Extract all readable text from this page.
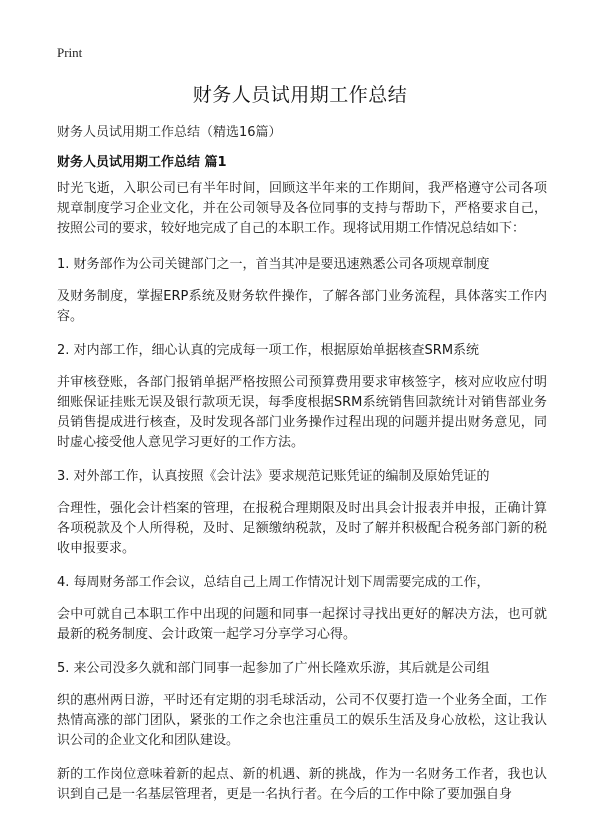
Print
财务人员试用期工作总结
财务人员试用期工作总结（精选16篇）
财务人员试用期工作总结 篇1

时光飞逝，入职公司已有半年时间，回顾这半年来的工作期间，我严格遵守公司各项规章制度学习企业文化，并在公司领导及各位同事的支持与帮助下，严格要求自己，按照公司的要求，较好地完成了自己的本职工作。现将试用期工作情况总结如下：

1. 财务部作为公司关键部门之一，首当其冲是要迅速熟悉公司各项规章制度

及财务制度，掌握ERP系统及财务软件操作，了解各部门业务流程，具体落实工作内容。

2. 对内部工作，细心认真的完成每一项工作，根据原始单据核查SRM系统

并审核登账，各部门报销单据严格按照公司预算费用要求审核签字，核对应收应付明细账保证挂账无误及银行款项无误，每季度根据SRM系统销售回款统计对销售部业务员销售提成进行核查，及时发现各部门业务操作过程出现的问题并提出财务意见，同时虚心接受他人意见学习更好的工作方法。

3. 对外部工作，认真按照《会计法》要求规范记账凭证的编制及原始凭证的

合理性，强化会计档案的管理，在报税合理期限及时出具会计报表并申报，正确计算各项税款及个人所得税，及时、足额缴纳税款，及时了解并积极配合税务部门新的税收申报要求。

4. 每周财务部工作会议，总结自己上周工作情况计划下周需要完成的工作，

会中可就自己本职工作中出现的问题和同事一起探讨寻找出更好的解决方法，也可就最新的税务制度、会计政策一起学习分享学习心得。

5. 来公司没多久就和部门同事一起参加了广州长隆欢乐游，其后就是公司组

织的惠州两日游，平时还有定期的羽毛球活动，公司不仅要打造一个业务全面，工作热情高涨的部门团队，紧张的工作之余也注重员工的娱乐生活及身心放松，这让我认识公司的企业文化和团队建设。

新的工作岗位意味着新的起点、新的机遇、新的挑战，作为一名财务工作者，我也认识到自己是一名基层管理者，更是一名执行者。在今后的工作中除了要加强自身
